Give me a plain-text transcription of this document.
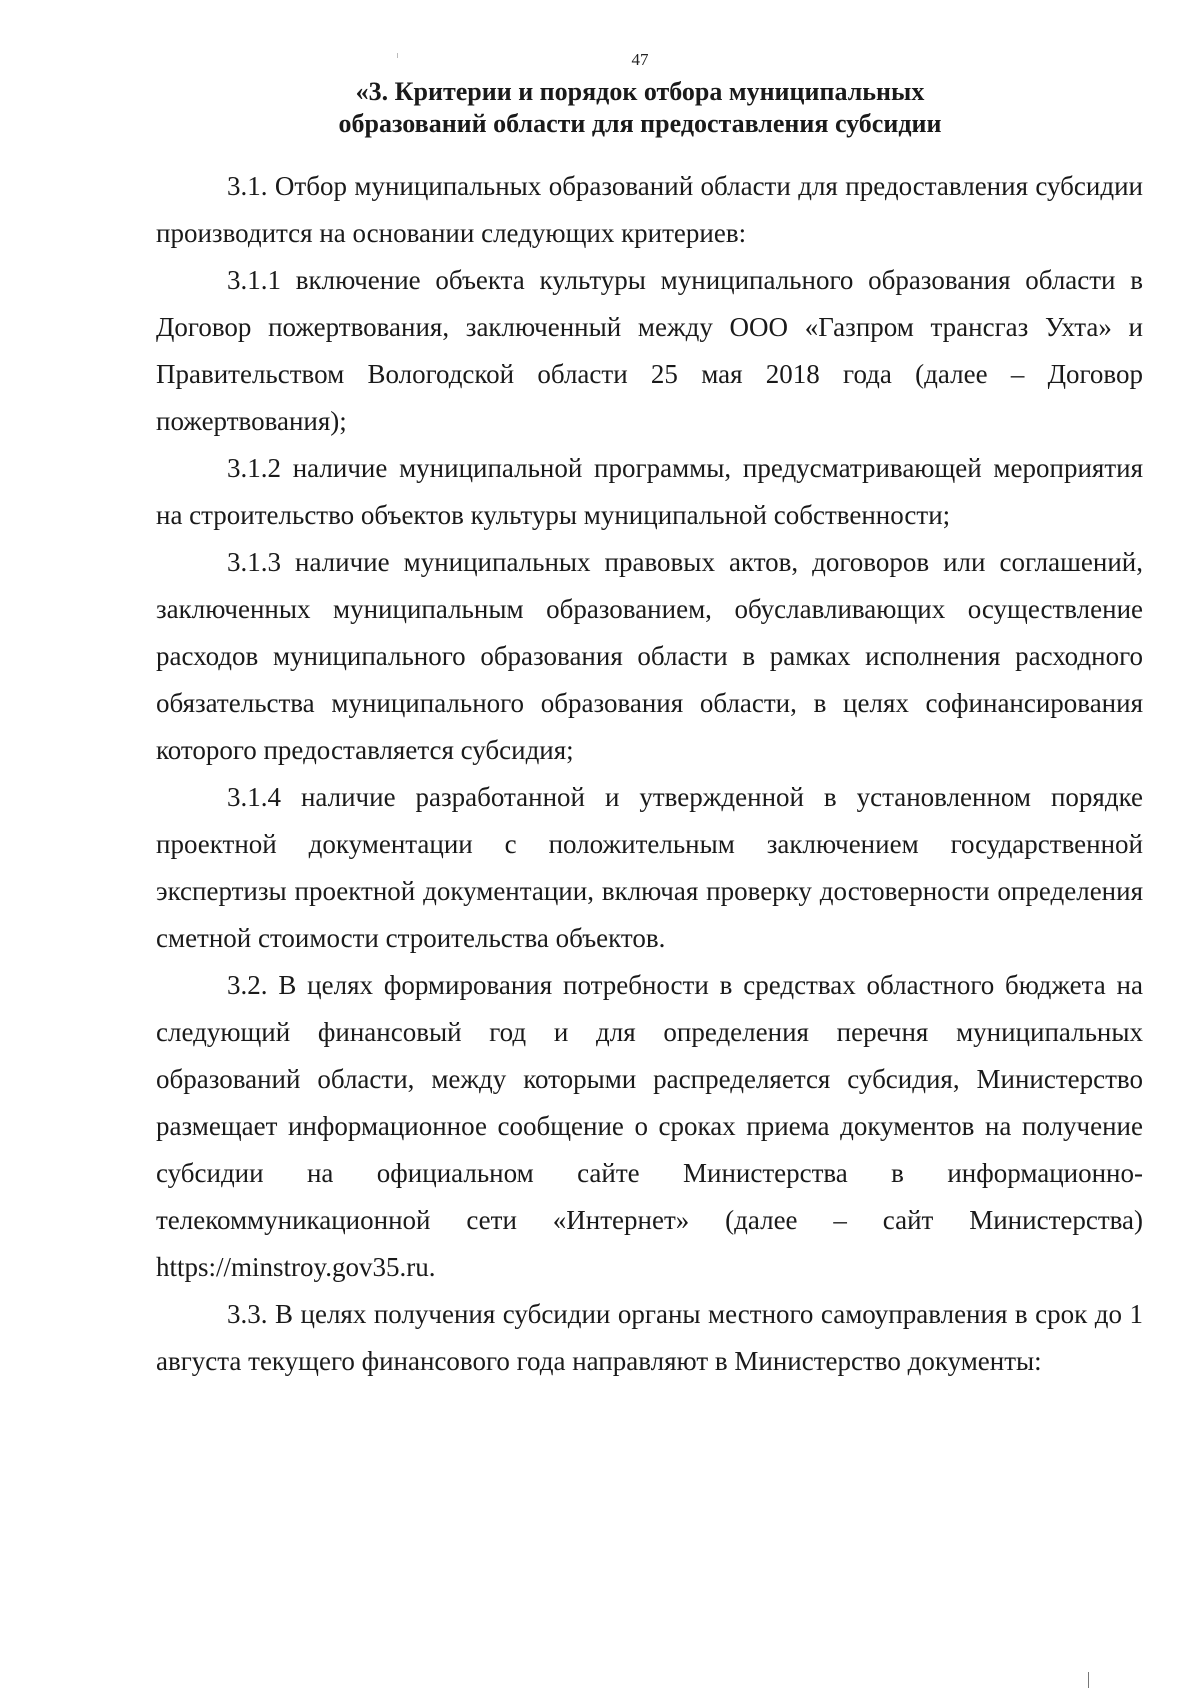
47
«3. Критерии и порядок отбора муниципальных
образований области для предоставления субсидии

3.1. Отбор муниципальных образований области для предоставления субсидии производится на основании следующих критериев:

3.1.1 включение объекта культуры муниципального образования области в Договор пожертвования, заключенный между ООО «Газпром трансгаз Ухта» и Правительством Вологодской области 25 мая 2018 года (далее – Договор пожертвования);

3.1.2 наличие муниципальной программы, предусматривающей мероприятия на строительство объектов культуры муниципальной собственности;

3.1.3 наличие муниципальных правовых актов, договоров или соглашений, заключенных муниципальным образованием, обуславливающих осуществление расходов муниципального образования области в рамках исполнения расходного обязательства муниципального образования области, в целях софинансирования которого предоставляется субсидия;

3.1.4 наличие разработанной и утвержденной в установленном порядке проектной документации с положительным заключением государственной экспертизы проектной документации, включая проверку достоверности определения сметной стоимости строительства объектов.

3.2. В целях формирования потребности в средствах областного бюджета на следующий финансовый год и для определения перечня муниципальных образований области, между которыми распределяется субсидия, Министерство размещает информационное сообщение о сроках приема документов на получение субсидии на официальном сайте Министерства в информационно-телекоммуникационной сети «Интернет» (далее – сайт Министерства)

https://minstroy.gov35.ru.

3.3. В целях получения субсидии органы местного самоуправления в срок до 1 августа текущего финансового года направляют в Министерство документы:
